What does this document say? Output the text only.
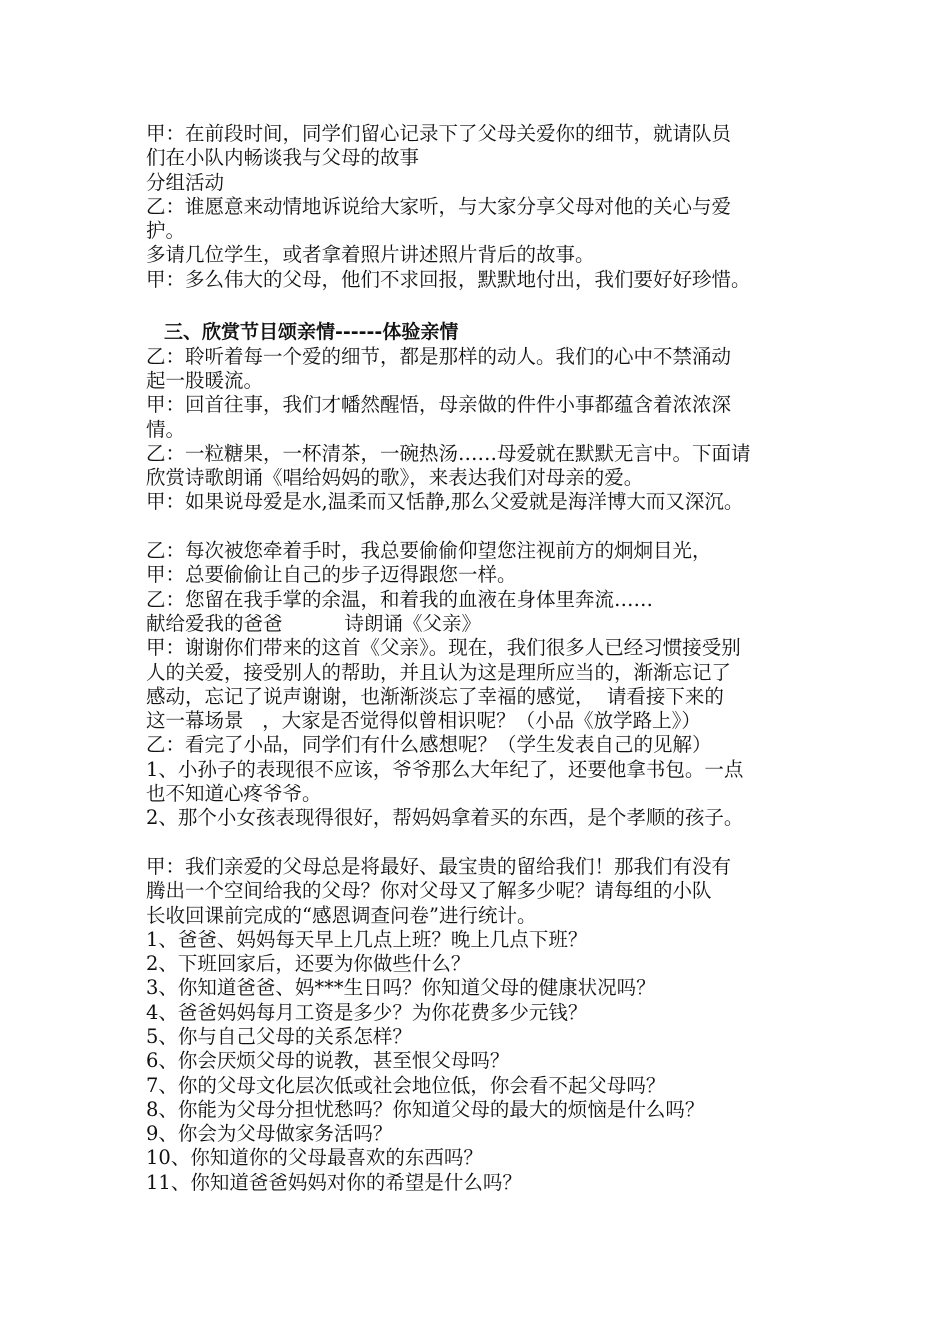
甲：在前段时间，同学们留心记录下了父母关爱你的细节，就请队员
们在小队内畅谈我与父母的故事
分组活动
乙：谁愿意来动情地诉说给大家听，与大家分享父母对他的关心与爱
护。
多请几位学生，或者拿着照片讲述照片背后的故事。
甲：多么伟大的父母，他们不求回报，默默地付出，我们要好好珍惜。
三、欣赏节目颂亲情------体验亲情
乙：聆听着每一个爱的细节，都是那样的动人。我们的心中不禁涌动
起一股暖流。
甲：回首往事，我们才幡然醒悟，母亲做的件件小事都蕴含着浓浓深
情。
乙：一粒糖果，一杯清茶，一碗热汤……母爱就在默默无言中。下面请
欣赏诗歌朗诵《唱给妈妈的歌》，来表达我们对母亲的爱。
甲：如果说母爱是水,温柔而又恬静,那么父爱就是海洋博大而又深沉。
乙：每次被您牵着手时，我总要偷偷仰望您注视前方的炯炯目光，
甲：总要偷偷让自己的步子迈得跟您一样。
乙：您留在我手掌的余温，和着我的血液在身体里奔流……
献给爱我的爸爸          诗朗诵《父亲》
甲：谢谢你们带来的这首《父亲》。现在，我们很多人已经习惯接受别
人的关爱，接受别人的帮助，并且认为这是理所应当的，渐渐忘记了
感动，忘记了说声谢谢，也渐渐淡忘了幸福的感觉，  请看接下来的
这一幕场景   ，大家是否觉得似曾相识呢？（小品《放学路上》）
乙：看完了小品，同学们有什么感想呢？（学生发表自己的见解）
1、小孙子的表现很不应该，爷爷那么大年纪了，还要他拿书包。一点
也不知道心疼爷爷。
2、那个小女孩表现得很好，帮妈妈拿着买的东西，是个孝顺的孩子。
甲：我们亲爱的父母总是将最好、最宝贵的留给我们！那我们有没有
腾出一个空间给我的父母？你对父母又了解多少呢？请每组的小队
长收回课前完成的“感恩调查问卷”进行统计。
1、爸爸、妈妈每天早上几点上班？晚上几点下班？
2、下班回家后，还要为你做些什么？
3、你知道爸爸、妈***生日吗？你知道父母的健康状况吗？
4、爸爸妈妈每月工资是多少？为你花费多少元钱？
5、你与自己父母的关系怎样？
6、你会厌烦父母的说教，甚至恨父母吗？
7、你的父母文化层次低或社会地位低，你会看不起父母吗？
8、你能为父母分担忧愁吗？你知道父母的最大的烦恼是什么吗？
9、你会为父母做家务活吗？
10、你知道你的父母最喜欢的东西吗？
11、你知道爸爸妈妈对你的希望是什么吗？
